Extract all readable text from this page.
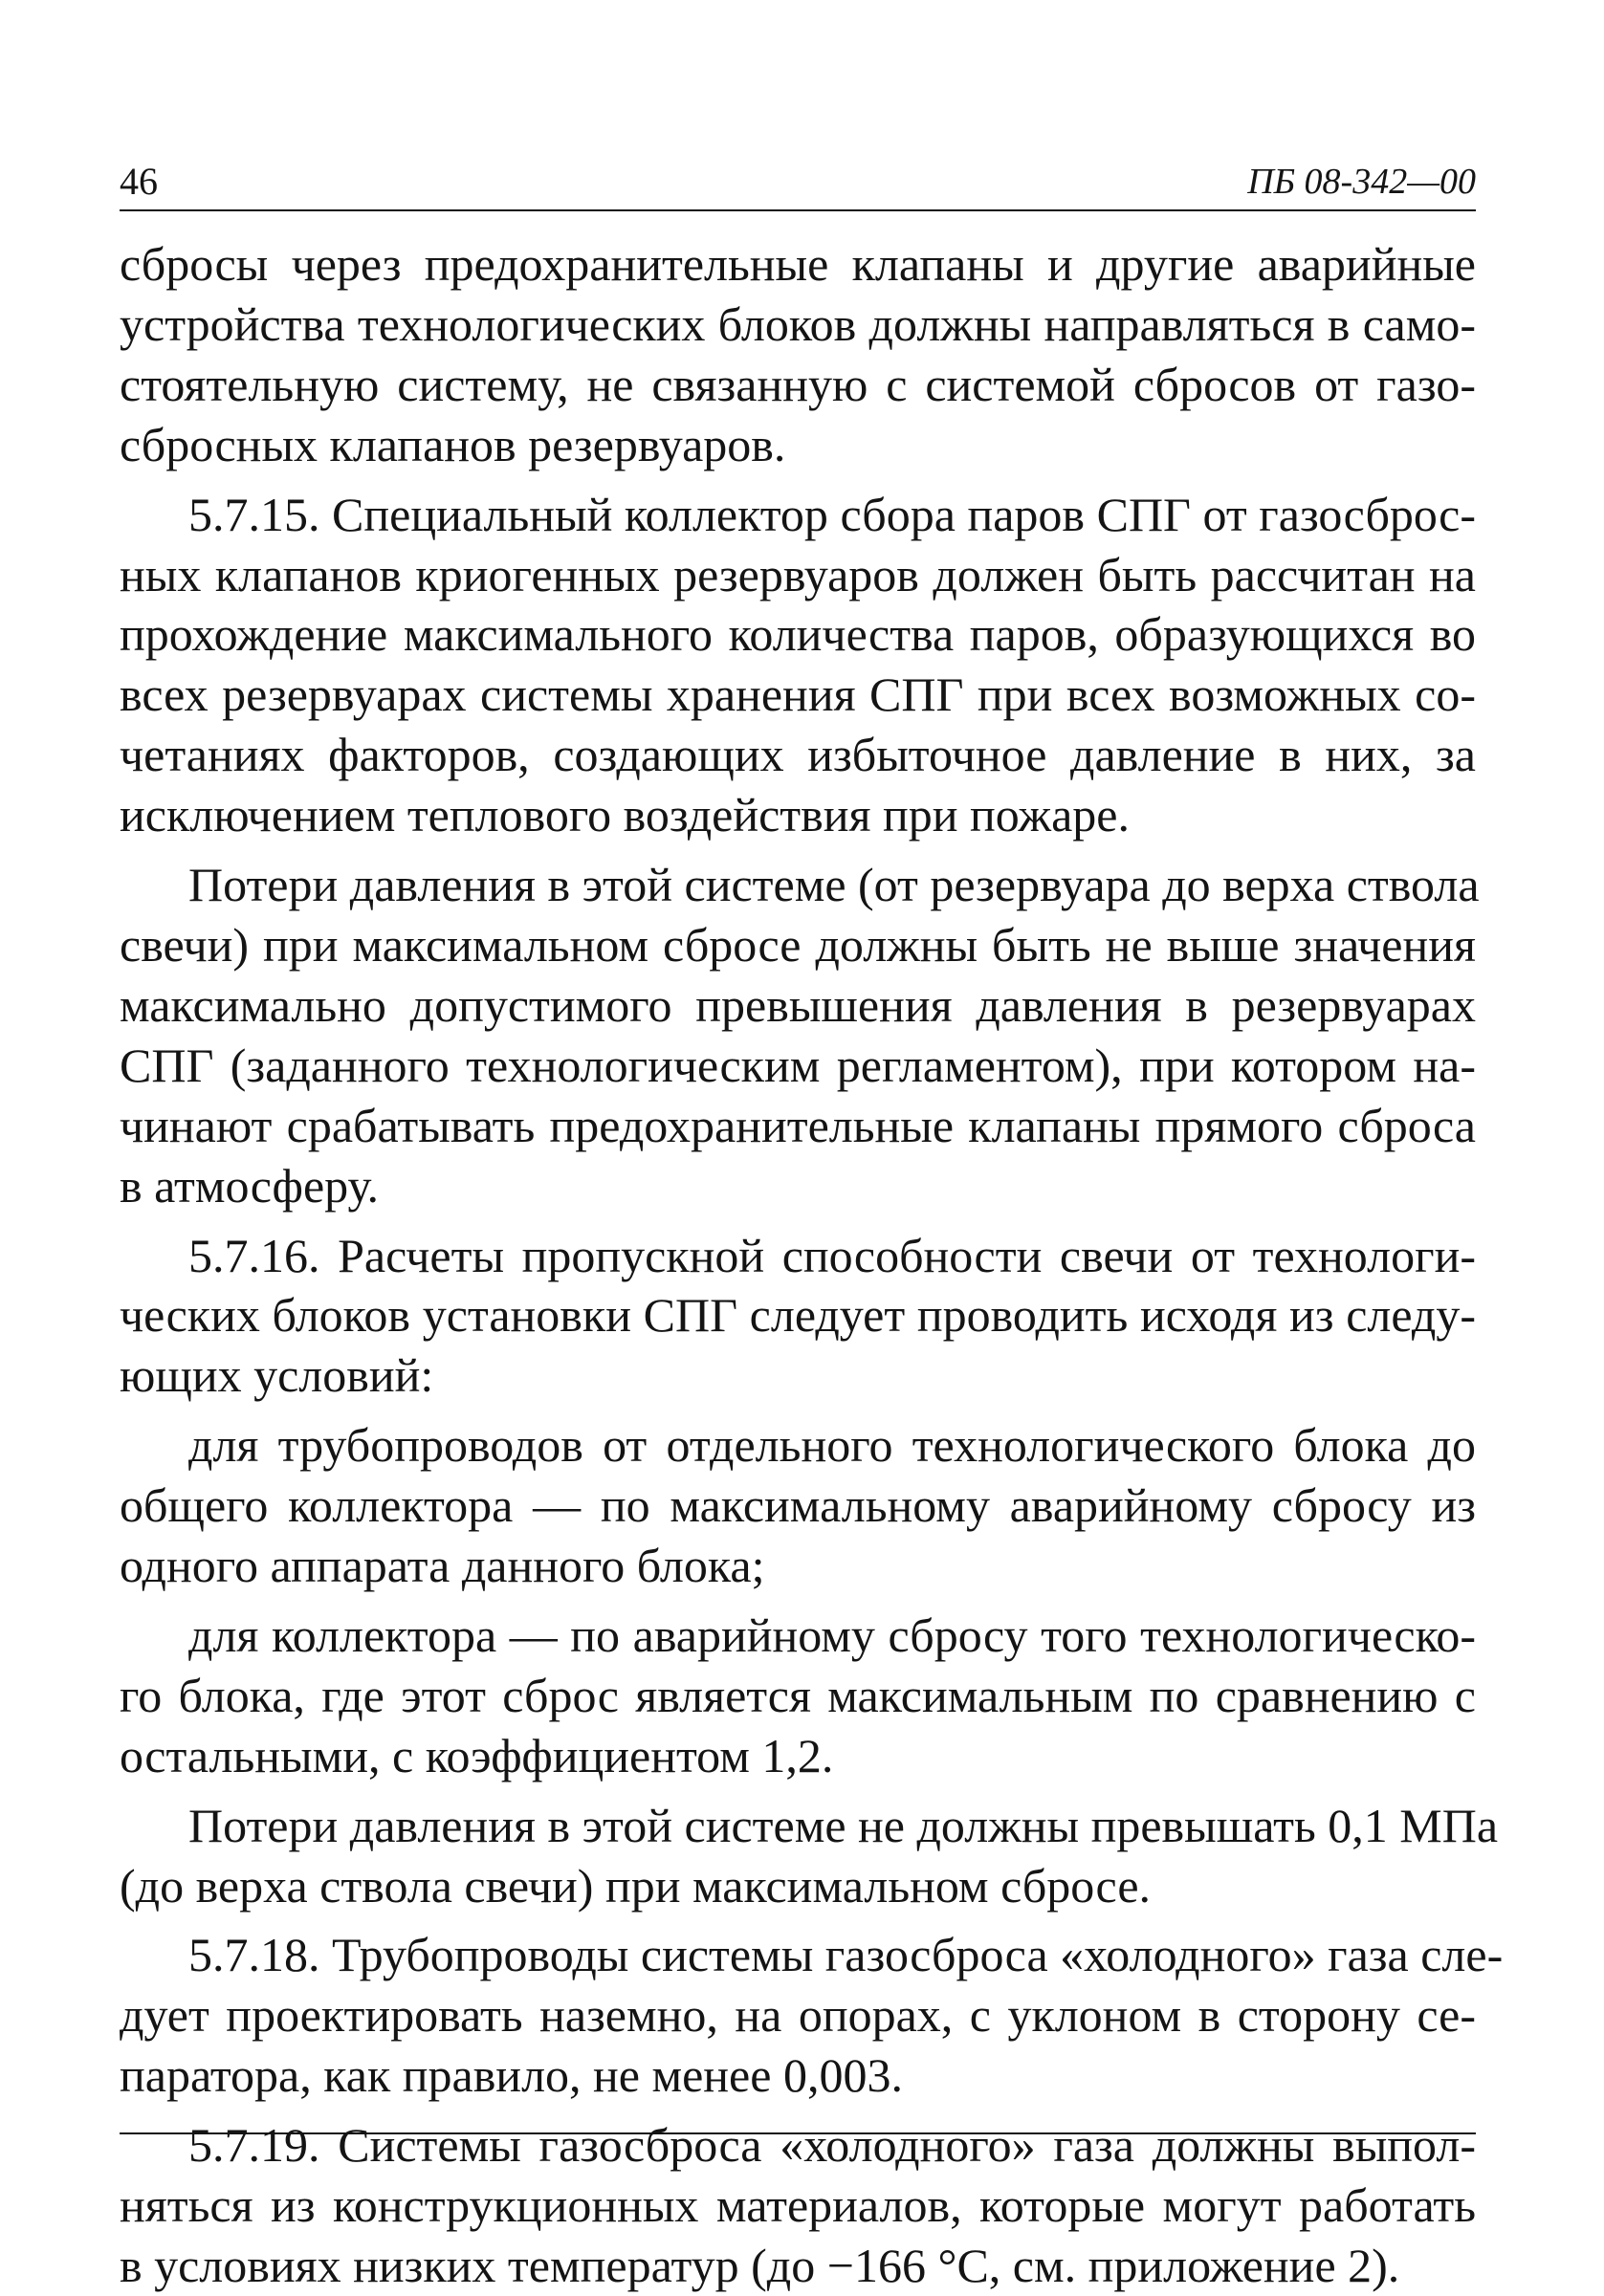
46	ПБ 08-342—00

сбросы через предохранительные клапаны и другие аварийные
устройства технологических блоков должны направляться в само-
стоятельную систему, не связанную с системой сбросов от газо-
сбросных клапанов резервуаров.

5.7.15. Специальный коллектор сбора паров СПГ от газосброс-
ных клапанов криогенных резервуаров должен быть рассчитан на
прохождение максимального количества паров, образующихся во
всех резервуарах системы хранения СПГ при всех возможных со-
четаниях факторов, создающих избыточное давление в них, за
исключением теплового воздействия при пожаре.

Потери давления в этой системе (от резервуара до верха ствола
свечи) при максимальном сбросе должны быть не выше значения
максимально допустимого превышения давления в резервуарах
СПГ (заданного технологическим регламентом), при котором на-
чинают срабатывать предохранительные клапаны прямого сброса
в атмосферу.

5.7.16. Расчеты пропускной способности свечи от технологи-
ческих блоков установки СПГ следует проводить исходя из следу-
ющих условий:

для трубопроводов от отдельного технологического блока до
общего коллектора — по максимальному аварийному сбросу из
одного аппарата данного блока;

для коллектора — по аварийному сбросу того технологическо-
го блока, где этот сброс является максимальным по сравнению с
остальными, с коэффициентом 1,2.

Потери давления в этой системе не должны превышать 0,1 МПа
(до верха ствола свечи) при максимальном сбросе.

5.7.18. Трубопроводы системы газосброса «холодного» газа сле-
дует проектировать наземно, на опорах, с уклоном в сторону се-
паратора, как правило, не менее 0,003.

5.7.19. Системы газосброса «холодного» газа должны выпол-
няться из конструкционных материалов, которые могут работать
в условиях низких температур (до −166 °С, см. приложение 2).
